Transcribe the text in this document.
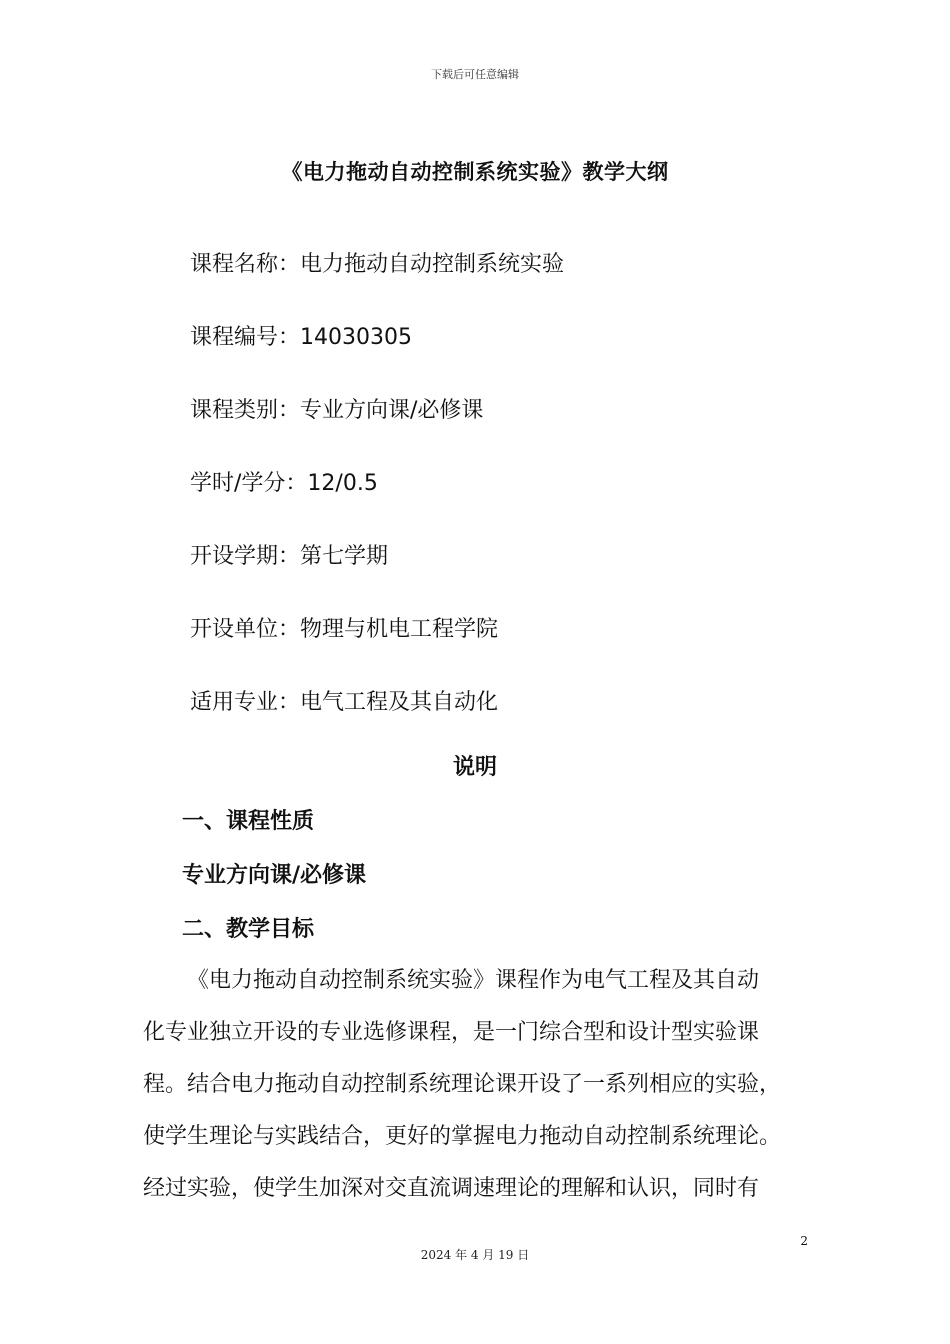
下载后可任意编辑
《电力拖动自动控制系统实验》教学大纲
课程名称：电力拖动自动控制系统实验
课程编号：14030305
课程类别：专业方向课/必修课
学时/学分：12/0.5
开设学期：第七学期
开设单位：物理与机电工程学院
适用专业：电气工程及其自动化
说明
一、课程性质
专业方向课/必修课
二、教学目标
《电力拖动自动控制系统实验》课程作为电气工程及其自动
化专业独立开设的专业选修课程，是一门综合型和设计型实验课
程。结合电力拖动自动控制系统理论课开设了一系列相应的实验，
使学生理论与实践结合，更好的掌握电力拖动自动控制系统理论。
经过实验，使学生加深对交直流调速理论的理解和认识，同时有
2
2024 年 4 月 19 日
